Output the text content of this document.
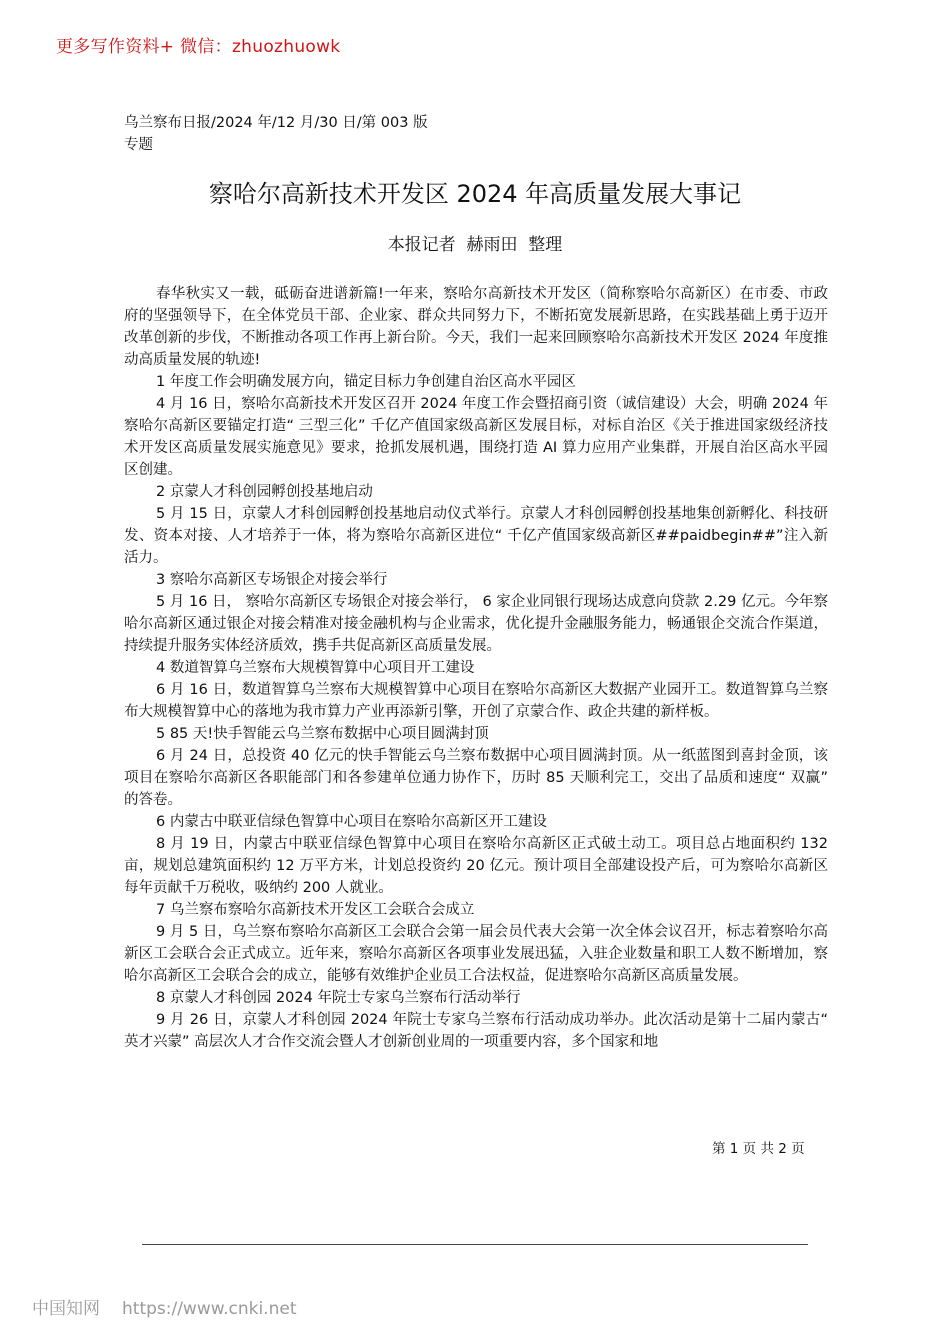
更多写作资料+ 微信：zhuozhuowk
乌兰察布日报/2024 年/12 月/30 日/第 003 版专题
察哈尔高新技术开发区 2024 年高质量发展大事记
本报记者  赫雨田  整理

春华秋实又一载，砥砺奋进谱新篇!一年来，察哈尔高新技术开发区（简称察哈尔高新区）在市委、市政府的坚强领导下，在全体党员干部、企业家、群众共同努力下，不断拓宽发展新思路，在实践基础上勇于迈开改革创新的步伐，不断推动各项工作再上新台阶。今天，我们一起来回顾察哈尔高新技术开发区 2024 年度推动高质量发展的轨迹!

1 年度工作会明确发展方向，锚定目标力争创建自治区高水平园区

4 月 16 日，察哈尔高新技术开发区召开 2024 年度工作会暨招商引资（诚信建设）大会，明确 2024 年察哈尔高新区要锚定打造“ 三型三化” 千亿产值国家级高新区发展目标，对标自治区《关于推进国家级经济技术开发区高质量发展实施意见》要求，抢抓发展机遇，围绕打造 AI 算力应用产业集群，开展自治区高水平园区创建。

2 京蒙人才科创园孵创投基地启动

5 月 15 日，京蒙人才科创园孵创投基地启动仪式举行。京蒙人才科创园孵创投基地集创新孵化、科技研发、资本对接、人才培养于一体，将为察哈尔高新区进位“ 千亿产值国家级高新区##paidbegin##”注入新活力。

3 察哈尔高新区专场银企对接会举行

5 月 16 日， 察哈尔高新区专场银企对接会举行， 6 家企业同银行现场达成意向贷款 2.29 亿元。今年察哈尔高新区通过银企对接会精准对接金融机构与企业需求，优化提升金融服务能力，畅通银企交流合作渠道，持续提升服务实体经济质效，携手共促高新区高质量发展。

4 数道智算乌兰察布大规模智算中心项目开工建设

6 月 16 日，数道智算乌兰察布大规模智算中心项目在察哈尔高新区大数据产业园开工。数道智算乌兰察布大规模智算中心的落地为我市算力产业再添新引擎，开创了京蒙合作、政企共建的新样板。

5 85 天!快手智能云乌兰察布数据中心项目圆满封顶

6 月 24 日，总投资 40 亿元的快手智能云乌兰察布数据中心项目圆满封顶。从一纸蓝图到喜封金顶，该项目在察哈尔高新区各职能部门和各参建单位通力协作下，历时 85 天顺利完工，交出了品质和速度“ 双赢” 的答卷。

6 内蒙古中联亚信绿色智算中心项目在察哈尔高新区开工建设

8 月 19 日，内蒙古中联亚信绿色智算中心项目在察哈尔高新区正式破土动工。项目总占地面积约 132 亩，规划总建筑面积约 12 万平方米，计划总投资约 20 亿元。预计项目全部建设投产后，可为察哈尔高新区每年贡献千万税收，吸纳约 200 人就业。

7 乌兰察布察哈尔高新技术开发区工会联合会成立

9 月 5 日，乌兰察布察哈尔高新区工会联合会第一届会员代表大会第一次全体会议召开，标志着察哈尔高新区工会联合会正式成立。近年来，察哈尔高新区各项事业发展迅猛，入驻企业数量和职工人数不断增加，察哈尔高新区工会联合会的成立，能够有效维护企业员工合法权益，促进察哈尔高新区高质量发展。

8 京蒙人才科创园 2024 年院士专家乌兰察布行活动举行

9 月 26 日，京蒙人才科创园 2024 年院士专家乌兰察布行活动成功举办。此次活动是第十二届内蒙古“ 英才兴蒙” 高层次人才合作交流会暨人才创新创业周的一项重要内容，多个国家和地

第 1 页 共 2 页
中国知网 https://www.cnki.net
